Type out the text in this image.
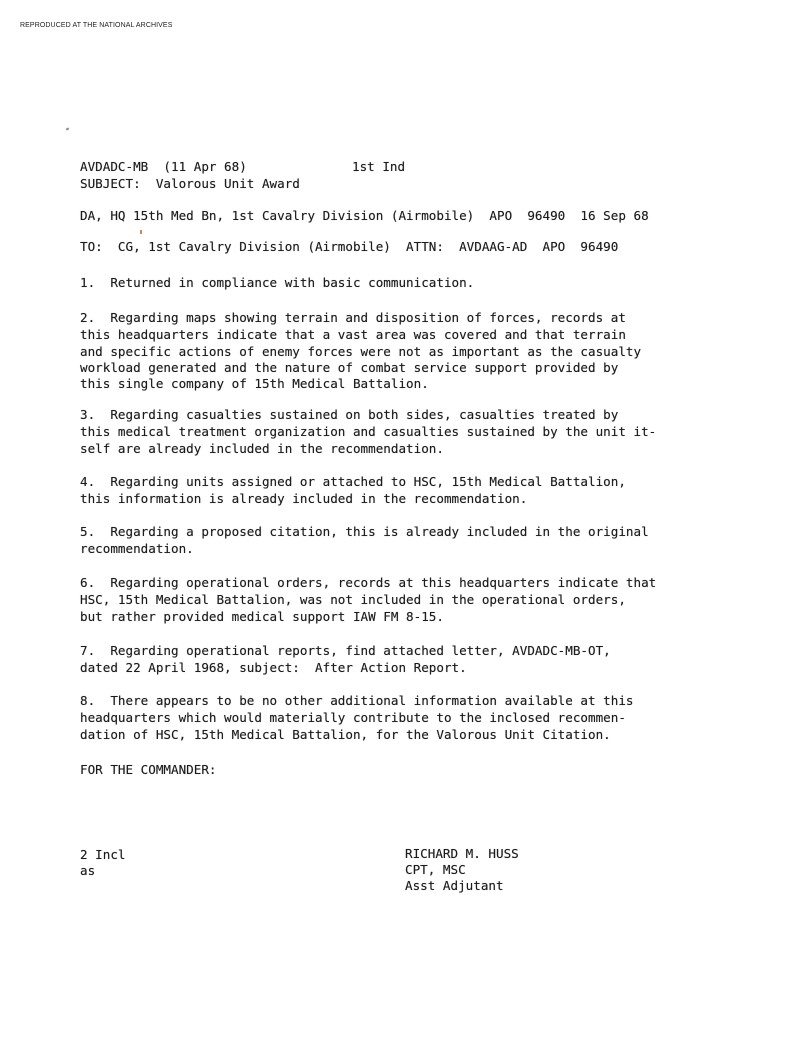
REPRODUCED AT THE NATIONAL ARCHIVES

AVDADC-MB  (11 Apr 68)

	1st Ind

SUBJECT:  Valorous Unit Award

DA, HQ 15th Med Bn, 1st Cavalry Division (Airmobile)  APO  96490  16 Sep 68

TO:  CG, 1st Cavalry Division (Airmobile)  ATTN:  AVDAAG-AD  APO  96490

1.  Returned in compliance with basic communication.

2.  Regarding maps showing terrain and disposition of forces, records at

this headquarters indicate that a vast area was covered and that terrain

and specific actions of enemy forces were not as important as the casualty

workload generated and the nature of combat service support provided by

this single company of 15th Medical Battalion.

3.  Regarding casualties sustained on both sides, casualties treated by

this medical treatment organization and casualties sustained by the unit it-

self are already included in the recommendation.

4.  Regarding units assigned or attached to HSC, 15th Medical Battalion,

this information is already included in the recommendation.

5.  Regarding a proposed citation, this is already included in the original

recommendation.

6.  Regarding operational orders, records at this headquarters indicate that

HSC, 15th Medical Battalion, was not included in the operational orders,

but rather provided medical support IAW FM 8-15.

7.  Regarding operational reports, find attached letter, AVDADC-MB-OT,

dated 22 April 1968, subject:  After Action Report.

8.  There appears to be no other additional information available at this

headquarters which would materially contribute to the inclosed recommen-

dation of HSC, 15th Medical Battalion, for the Valorous Unit Citation.

FOR THE COMMANDER:

2 Incl

as

RICHARD M. HUSS

CPT, MSC

Asst Adjutant
